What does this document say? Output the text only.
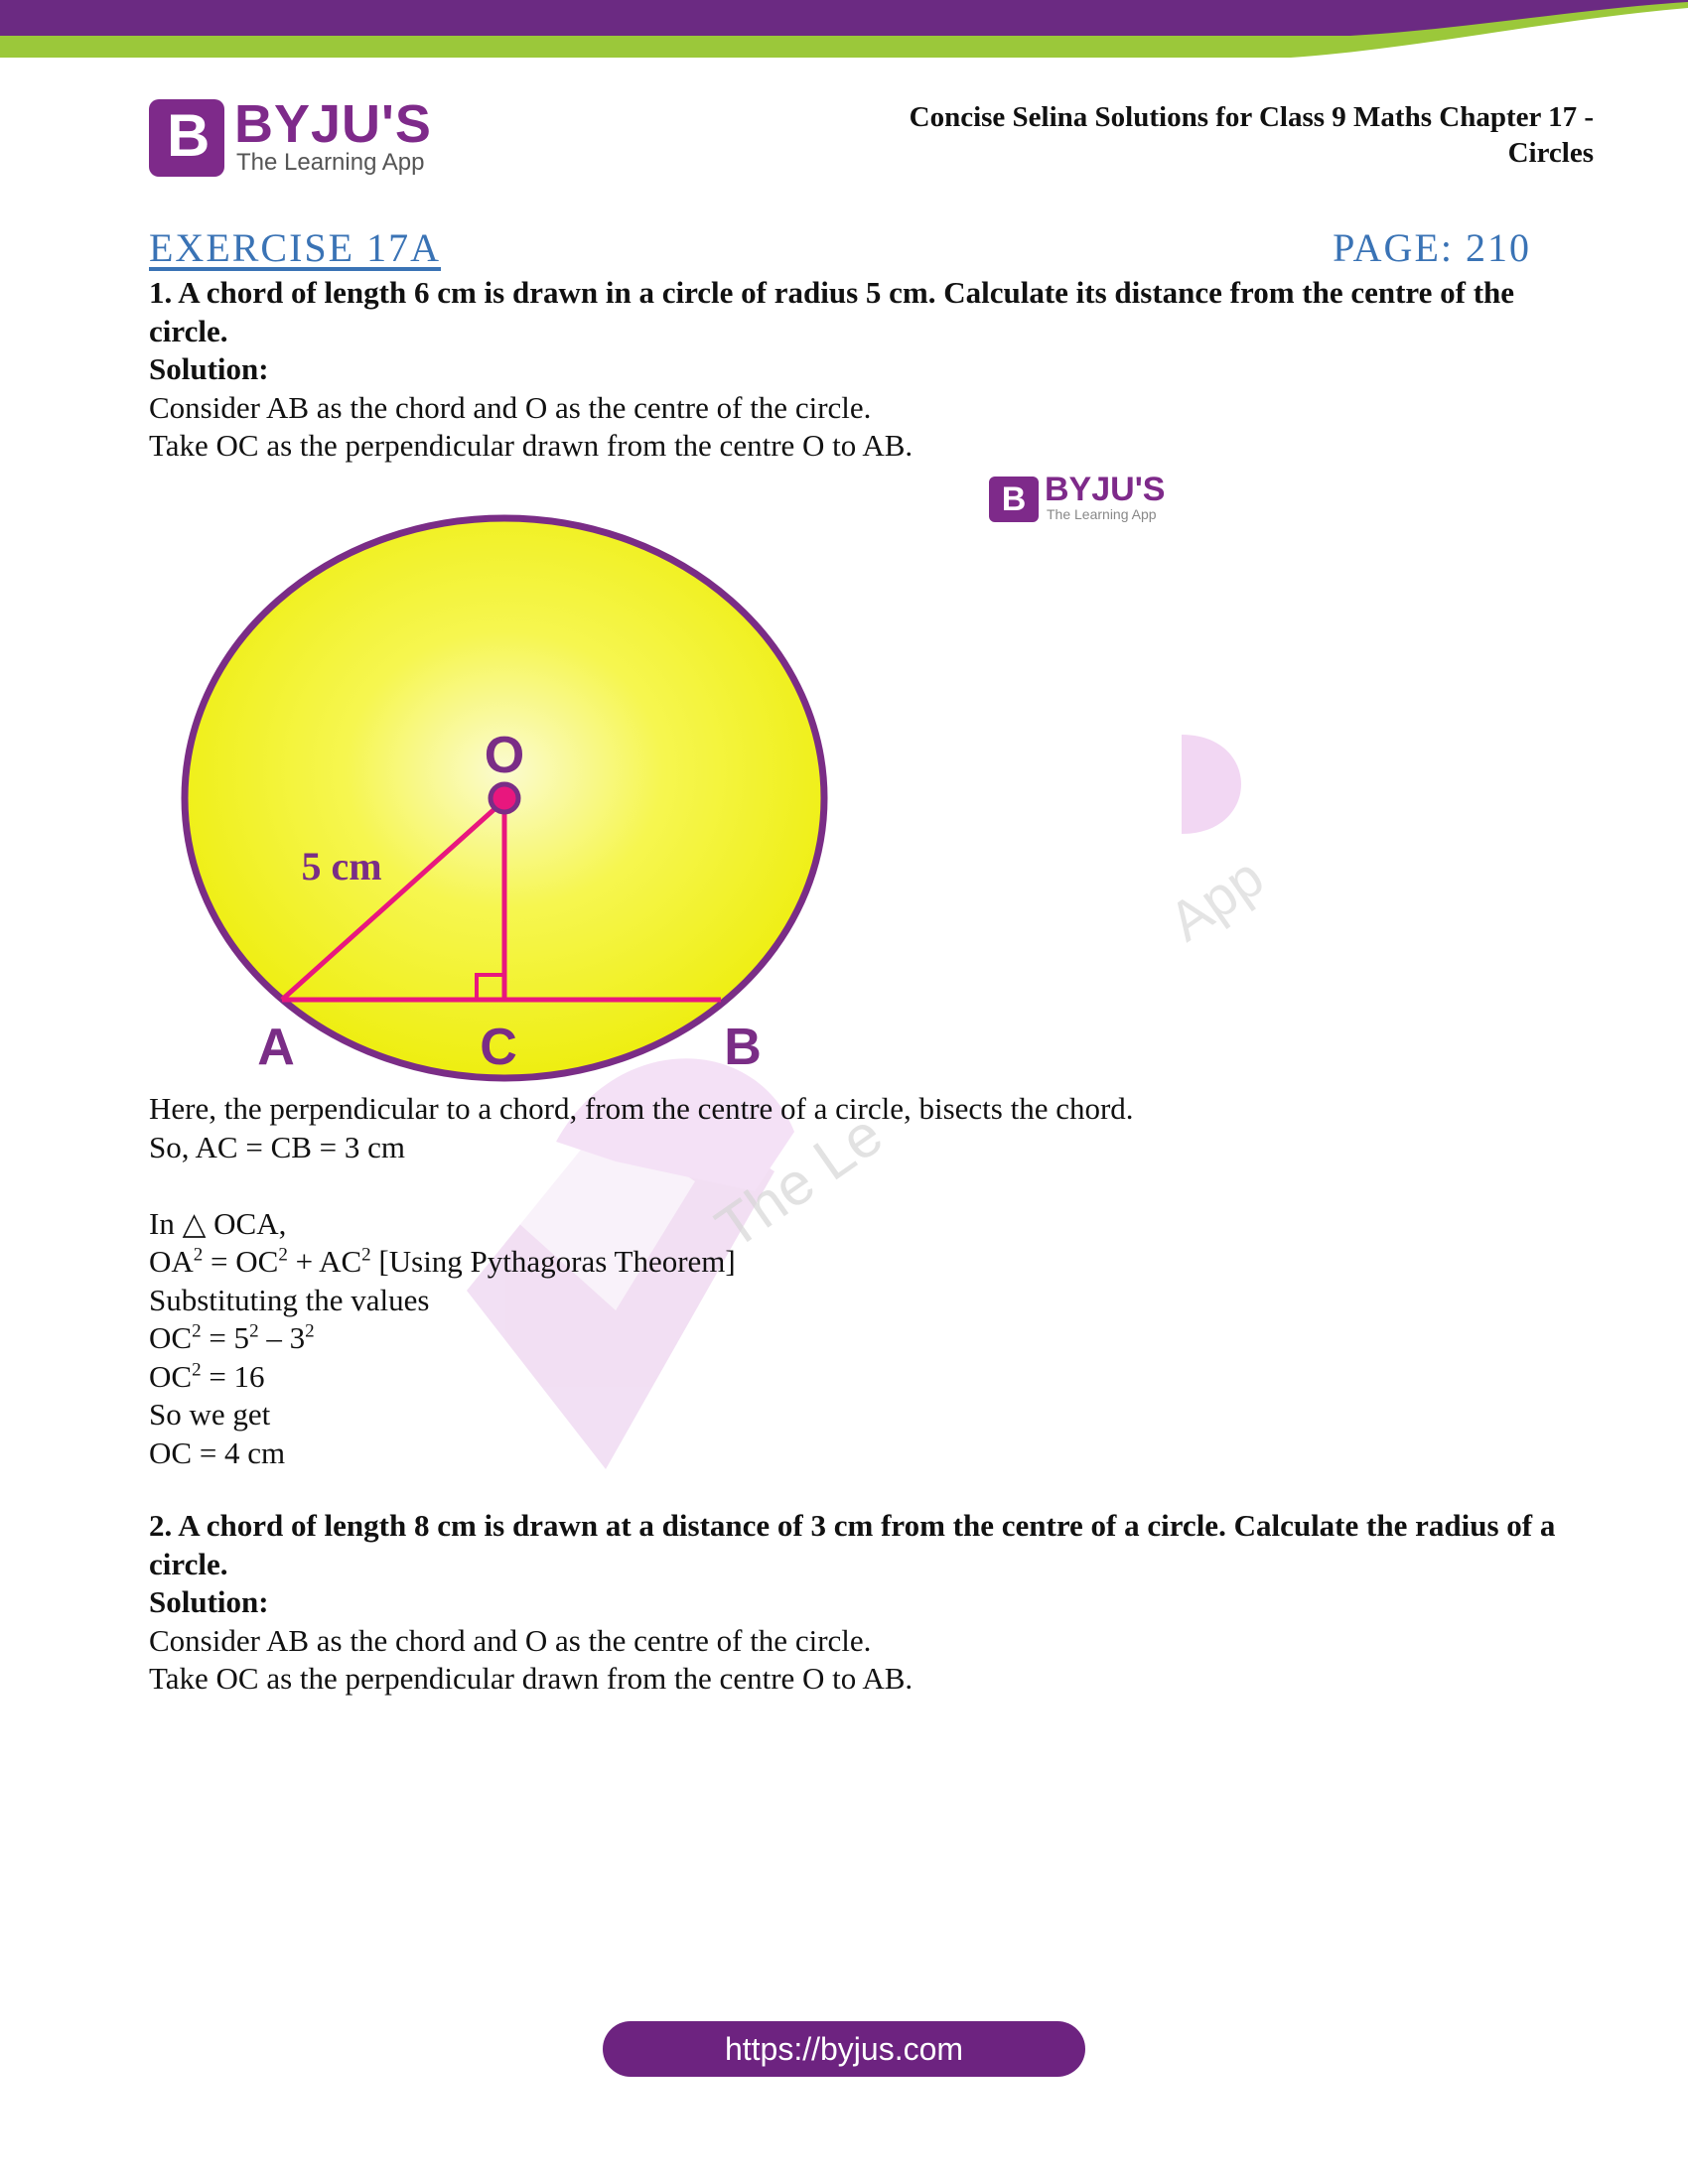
The Le
App
B BYJU'S
The Learning App
Concise Selina Solutions for Class 9 Maths Chapter 17 -
Circles
EXERCISE 17A	PAGE: 210

1. A chord of length 6 cm is drawn in a circle of radius 5 cm. Calculate its distance from the centre of the circle.

Solution:

Consider AB as the chord and O as the centre of the circle.

Take OC as the perpendicular drawn from the centre O to AB.

B BYJU'S
The Learning App
O
A	C	B
5 cm

Here, the perpendicular to a chord, from the centre of a circle, bisects the chord.

So, AC = CB = 3 cm

In △ OCA,

$OA^2 = OC^2 + AC^2$ [Using Pythagoras Theorem]

Substituting the values

$OC^2 = 5^2 - 3^2$

$OC^2 = 16$

So we get

OC = 4 cm

2. A chord of length 8 cm is drawn at a distance of 3 cm from the centre of a circle. Calculate the radius of a circle.

Solution:

Consider AB as the chord and O as the centre of the circle.

Take OC as the perpendicular drawn from the centre O to AB.

https://byjus.com
